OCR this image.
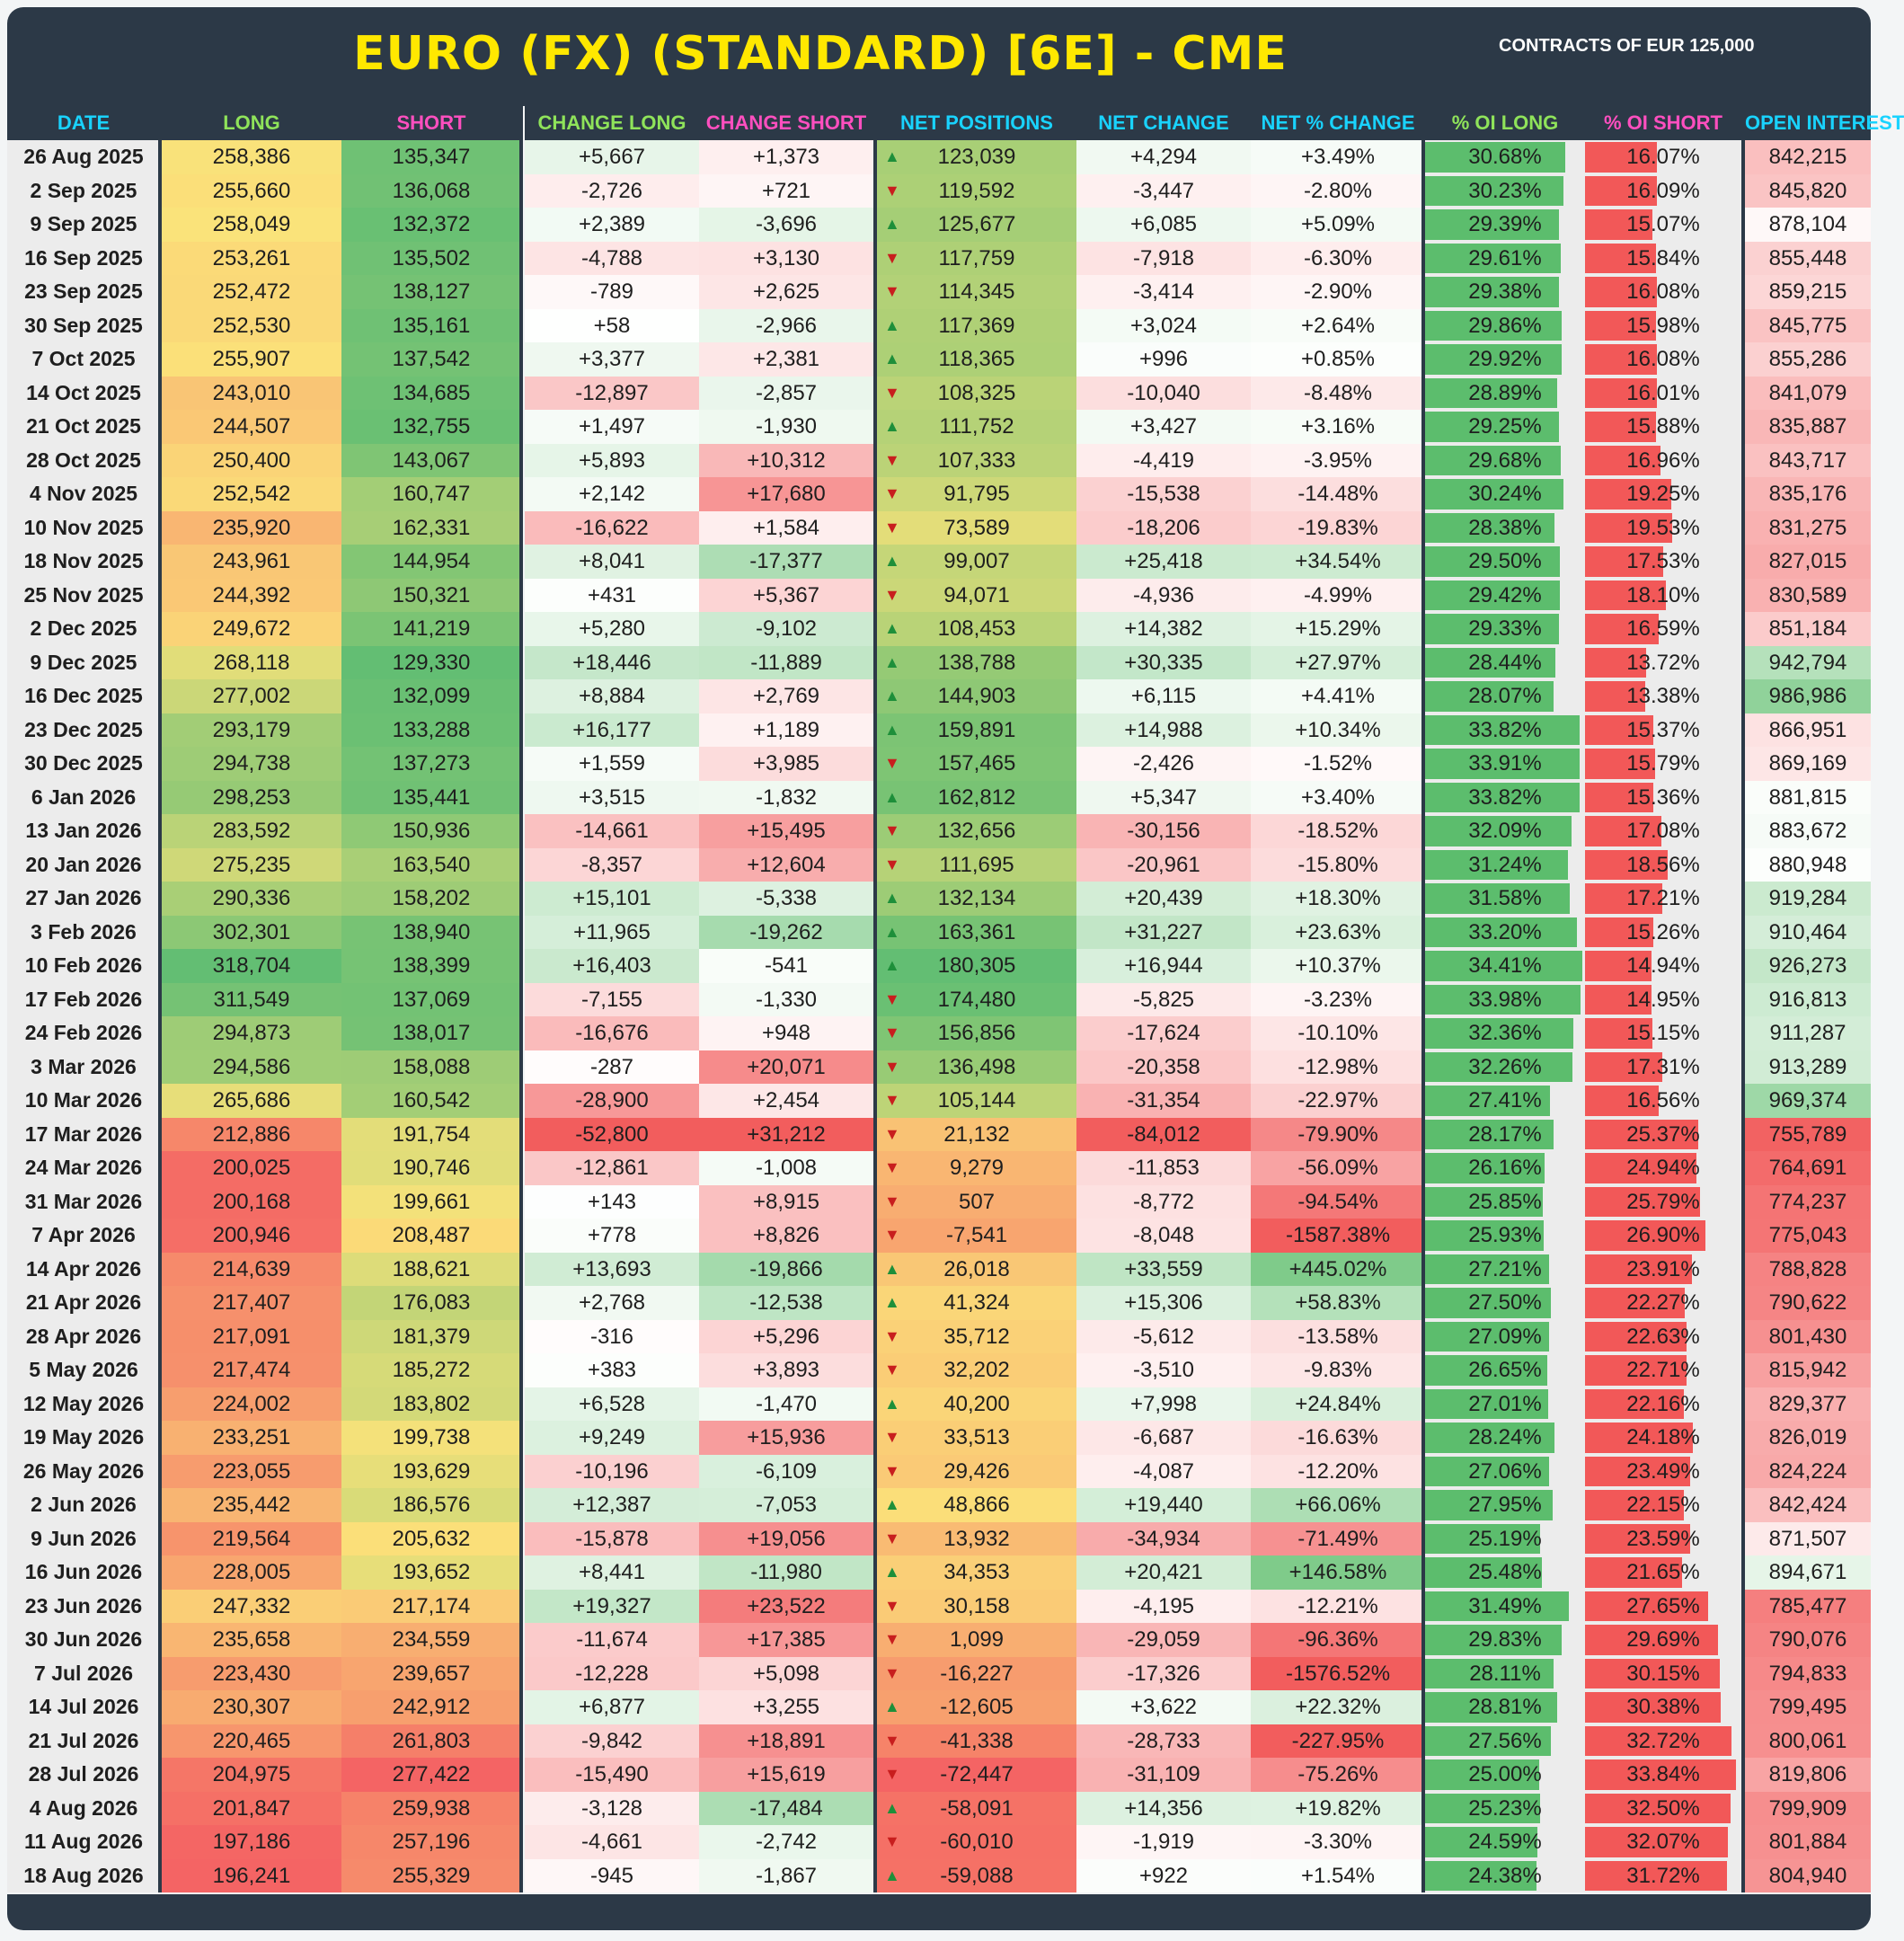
EURO (FX) (STANDARD) [6E] - CME	CONTRACTS OF EUR 125,000
DATE	LONG	SHORT	CHANGE LONG	CHANGE SHORT	NET POSITIONS	NET CHANGE	NET % CHANGE	% OI LONG	% OI SHORT	OPEN INTEREST
26 Aug 2025	258,386	135,347	+5,667	+1,373	▲	123,039	+4,294	+3.49%	30.68%	16.07%	842,215
2 Sep 2025	255,660	136,068	-2,726	+721	▼	119,592	-3,447	-2.80%	30.23%	16.09%	845,820
9 Sep 2025	258,049	132,372	+2,389	-3,696	▲	125,677	+6,085	+5.09%	29.39%	15.07%	878,104
16 Sep 2025	253,261	135,502	-4,788	+3,130	▼	117,759	-7,918	-6.30%	29.61%	15.84%	855,448
23 Sep 2025	252,472	138,127	-789	+2,625	▼	114,345	-3,414	-2.90%	29.38%	16.08%	859,215
30 Sep 2025	252,530	135,161	+58	-2,966	▲	117,369	+3,024	+2.64%	29.86%	15.98%	845,775
7 Oct 2025	255,907	137,542	+3,377	+2,381	▲	118,365	+996	+0.85%	29.92%	16.08%	855,286
14 Oct 2025	243,010	134,685	-12,897	-2,857	▼	108,325	-10,040	-8.48%	28.89%	16.01%	841,079
21 Oct 2025	244,507	132,755	+1,497	-1,930	▲	111,752	+3,427	+3.16%	29.25%	15.88%	835,887
28 Oct 2025	250,400	143,067	+5,893	+10,312	▼	107,333	-4,419	-3.95%	29.68%	16.96%	843,717
4 Nov 2025	252,542	160,747	+2,142	+17,680	▼	91,795	-15,538	-14.48%	30.24%	19.25%	835,176
10 Nov 2025	235,920	162,331	-16,622	+1,584	▼	73,589	-18,206	-19.83%	28.38%	19.53%	831,275
18 Nov 2025	243,961	144,954	+8,041	-17,377	▲	99,007	+25,418	+34.54%	29.50%	17.53%	827,015
25 Nov 2025	244,392	150,321	+431	+5,367	▼	94,071	-4,936	-4.99%	29.42%	18.10%	830,589
2 Dec 2025	249,672	141,219	+5,280	-9,102	▲	108,453	+14,382	+15.29%	29.33%	16.59%	851,184
9 Dec 2025	268,118	129,330	+18,446	-11,889	▲	138,788	+30,335	+27.97%	28.44%	13.72%	942,794
16 Dec 2025	277,002	132,099	+8,884	+2,769	▲	144,903	+6,115	+4.41%	28.07%	13.38%	986,986
23 Dec 2025	293,179	133,288	+16,177	+1,189	▲	159,891	+14,988	+10.34%	33.82%	15.37%	866,951
30 Dec 2025	294,738	137,273	+1,559	+3,985	▼	157,465	-2,426	-1.52%	33.91%	15.79%	869,169
6 Jan 2026	298,253	135,441	+3,515	-1,832	▲	162,812	+5,347	+3.40%	33.82%	15.36%	881,815
13 Jan 2026	283,592	150,936	-14,661	+15,495	▼	132,656	-30,156	-18.52%	32.09%	17.08%	883,672
20 Jan 2026	275,235	163,540	-8,357	+12,604	▼	111,695	-20,961	-15.80%	31.24%	18.56%	880,948
27 Jan 2026	290,336	158,202	+15,101	-5,338	▲	132,134	+20,439	+18.30%	31.58%	17.21%	919,284
3 Feb 2026	302,301	138,940	+11,965	-19,262	▲	163,361	+31,227	+23.63%	33.20%	15.26%	910,464
10 Feb 2026	318,704	138,399	+16,403	-541	▲	180,305	+16,944	+10.37%	34.41%	14.94%	926,273
17 Feb 2026	311,549	137,069	-7,155	-1,330	▼	174,480	-5,825	-3.23%	33.98%	14.95%	916,813
24 Feb 2026	294,873	138,017	-16,676	+948	▼	156,856	-17,624	-10.10%	32.36%	15.15%	911,287
3 Mar 2026	294,586	158,088	-287	+20,071	▼	136,498	-20,358	-12.98%	32.26%	17.31%	913,289
10 Mar 2026	265,686	160,542	-28,900	+2,454	▼	105,144	-31,354	-22.97%	27.41%	16.56%	969,374
17 Mar 2026	212,886	191,754	-52,800	+31,212	▼	21,132	-84,012	-79.90%	28.17%	25.37%	755,789
24 Mar 2026	200,025	190,746	-12,861	-1,008	▼	9,279	-11,853	-56.09%	26.16%	24.94%	764,691
31 Mar 2026	200,168	199,661	+143	+8,915	▼	507	-8,772	-94.54%	25.85%	25.79%	774,237
7 Apr 2026	200,946	208,487	+778	+8,826	▼	-7,541	-8,048	-1587.38%	25.93%	26.90%	775,043
14 Apr 2026	214,639	188,621	+13,693	-19,866	▲	26,018	+33,559	+445.02%	27.21%	23.91%	788,828
21 Apr 2026	217,407	176,083	+2,768	-12,538	▲	41,324	+15,306	+58.83%	27.50%	22.27%	790,622
28 Apr 2026	217,091	181,379	-316	+5,296	▼	35,712	-5,612	-13.58%	27.09%	22.63%	801,430
5 May 2026	217,474	185,272	+383	+3,893	▼	32,202	-3,510	-9.83%	26.65%	22.71%	815,942
12 May 2026	224,002	183,802	+6,528	-1,470	▲	40,200	+7,998	+24.84%	27.01%	22.16%	829,377
19 May 2026	233,251	199,738	+9,249	+15,936	▼	33,513	-6,687	-16.63%	28.24%	24.18%	826,019
26 May 2026	223,055	193,629	-10,196	-6,109	▼	29,426	-4,087	-12.20%	27.06%	23.49%	824,224
2 Jun 2026	235,442	186,576	+12,387	-7,053	▲	48,866	+19,440	+66.06%	27.95%	22.15%	842,424
9 Jun 2026	219,564	205,632	-15,878	+19,056	▼	13,932	-34,934	-71.49%	25.19%	23.59%	871,507
16 Jun 2026	228,005	193,652	+8,441	-11,980	▲	34,353	+20,421	+146.58%	25.48%	21.65%	894,671
23 Jun 2026	247,332	217,174	+19,327	+23,522	▼	30,158	-4,195	-12.21%	31.49%	27.65%	785,477
30 Jun 2026	235,658	234,559	-11,674	+17,385	▼	1,099	-29,059	-96.36%	29.83%	29.69%	790,076
7 Jul 2026	223,430	239,657	-12,228	+5,098	▼	-16,227	-17,326	-1576.52%	28.11%	30.15%	794,833
14 Jul 2026	230,307	242,912	+6,877	+3,255	▲	-12,605	+3,622	+22.32%	28.81%	30.38%	799,495
21 Jul 2026	220,465	261,803	-9,842	+18,891	▼	-41,338	-28,733	-227.95%	27.56%	32.72%	800,061
28 Jul 2026	204,975	277,422	-15,490	+15,619	▼	-72,447	-31,109	-75.26%	25.00%	33.84%	819,806
4 Aug 2026	201,847	259,938	-3,128	-17,484	▲	-58,091	+14,356	+19.82%	25.23%	32.50%	799,909
11 Aug 2026	197,186	257,196	-4,661	-2,742	▼	-60,010	-1,919	-3.30%	24.59%	32.07%	801,884
18 Aug 2026	196,241	255,329	-945	-1,867	▲	-59,088	+922	+1.54%	24.38%	31.72%	804,940
